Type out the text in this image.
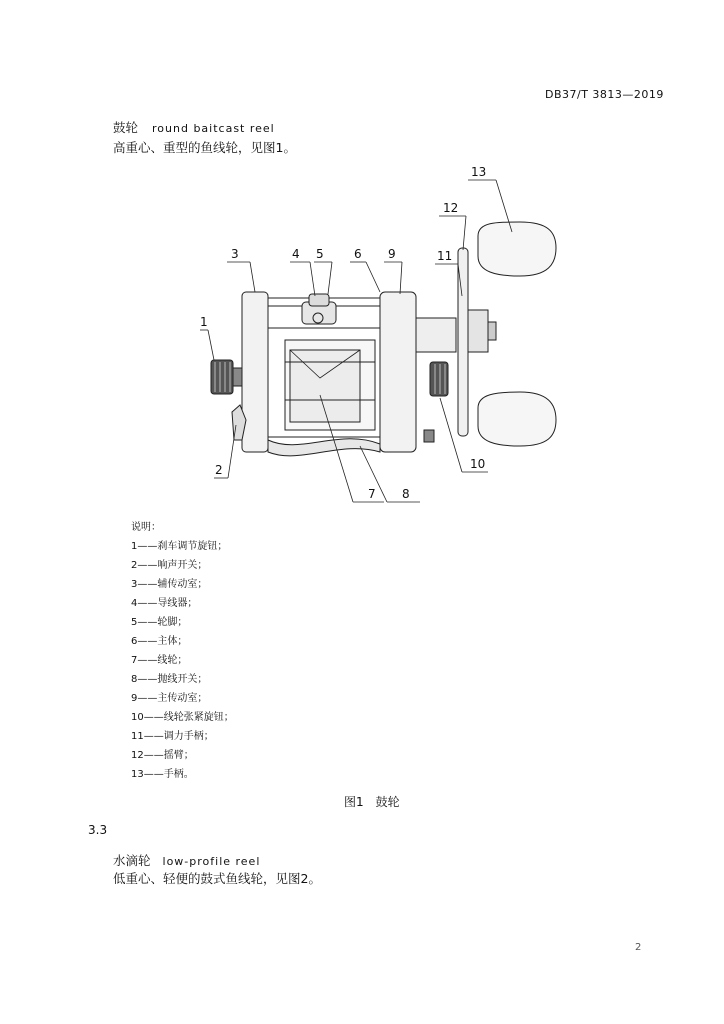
DB37/T 3813—2019
鼓轮 round baitcast reel
高重心、重型的鱼线轮，见图1。
3	4 5	6 9	11
12
13
1
2
7 8
10
说明：
1——刹车调节旋钮；
2——响声开关；
3——辅传动室；
4——导线器；
5——轮脚；
6——主体；
7——线轮；
8——抛线开关；
9——主传动室；
10——线轮张紧旋钮；
11——调力手柄；
12——摇臂；
13——手柄。
图1 鼓轮
3.3
水滴轮 low-profile reel
低重心、轻便的鼓式鱼线轮，见图2。
2
